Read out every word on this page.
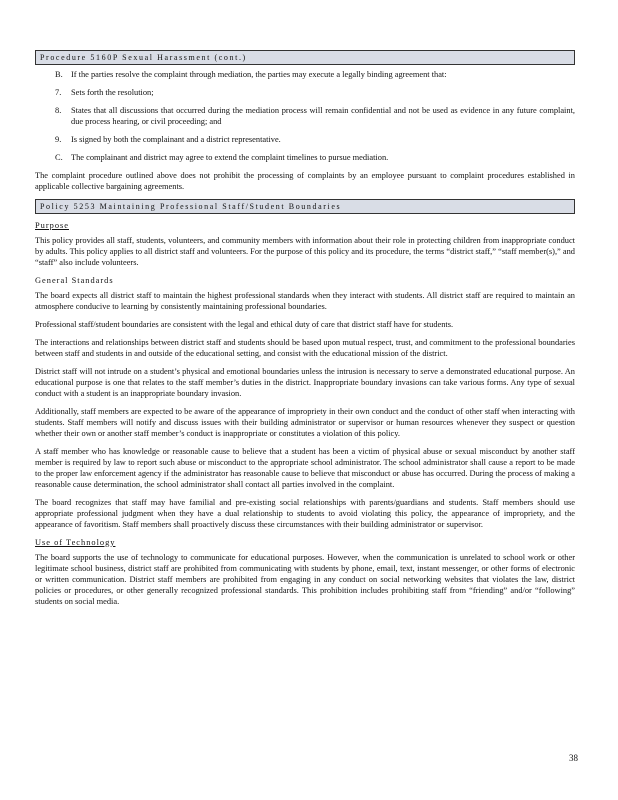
Procedure 5160P Sexual Harassment (cont.)
B. If the parties resolve the complaint through mediation, the parties may execute a legally binding agreement that:
7.	Sets forth the resolution;
8.	States that all discussions that occurred during the mediation process will remain confidential and not be used as evidence in any future complaint, due process hearing, or civil proceeding; and
9.	Is signed by both the complainant and a district representative.
C. The complainant and district may agree to extend the complaint timelines to pursue mediation.

The complaint procedure outlined above does not prohibit the processing of complaints by an employee pursuant to complaint procedures established in applicable collective bargaining agreements.

Policy 5253 Maintaining Professional Staff/Student Boundaries
Purpose

This policy provides all staff, students, volunteers, and community members with information about their role in protecting children from inappropriate conduct by adults. This policy applies to all district staff and volunteers. For the purpose of this policy and its procedure, the terms “district staff,” “staff member(s),” and “staff” also include volunteers.

General Standards

The board expects all district staff to maintain the highest professional standards when they interact with students. All district staff are required to maintain an atmosphere conducive to learning by consistently maintaining professional boundaries.

Professional staff/student boundaries are consistent with the legal and ethical duty of care that district staff have for students.

The interactions and relationships between district staff and students should be based upon mutual respect, trust, and commitment to the professional boundaries between staff and students in and outside of the educational setting, and consist with the educational mission of the district.

District staff will not intrude on a student’s physical and emotional boundaries unless the intrusion is necessary to serve a demonstrated educational purpose. An educational purpose is one that relates to the staff member’s duties in the district. Inappropriate boundary invasions can take various forms. Any type of sexual conduct with a student is an inappropriate boundary invasion.

Additionally, staff members are expected to be aware of the appearance of impropriety in their own conduct and the conduct of other staff when interacting with students. Staff members will notify and discuss issues with their building administrator or supervisor or human resources whenever they suspect or question whether their own or another staff member’s conduct is inappropriate or constitutes a violation of this policy.

A staff member who has knowledge or reasonable cause to believe that a student has been a victim of physical abuse or sexual misconduct by another staff member is required by law to report such abuse or misconduct to the appropriate school administrator. The school administrator shall cause a report to be made to the proper law enforcement agency if the administrator has reasonable cause to believe that misconduct or abuse has occurred. During the process of making a reasonable cause determination, the school administrator shall contact all parties involved in the complaint.

The board recognizes that staff may have familial and pre-existing social relationships with parents/guardians and students. Staff members should use appropriate professional judgment when they have a dual relationship to students to avoid violating this policy, the appearance of impropriety, and the appearance of favoritism. Staff members shall proactively discuss these circumstances with their building administrator or supervisor.

Use of Technology

The board supports the use of technology to communicate for educational purposes. However, when the communication is unrelated to school work or other legitimate school business, district staff are prohibited from communicating with students by phone, email, text, instant messenger, or other forms of electronic or written communication. District staff members are prohibited from engaging in any conduct on social networking websites that violates the law, district policies or procedures, or other generally recognized professional standards. This prohibition includes prohibiting staff from “friending” and/or “following” students on social media.

38
